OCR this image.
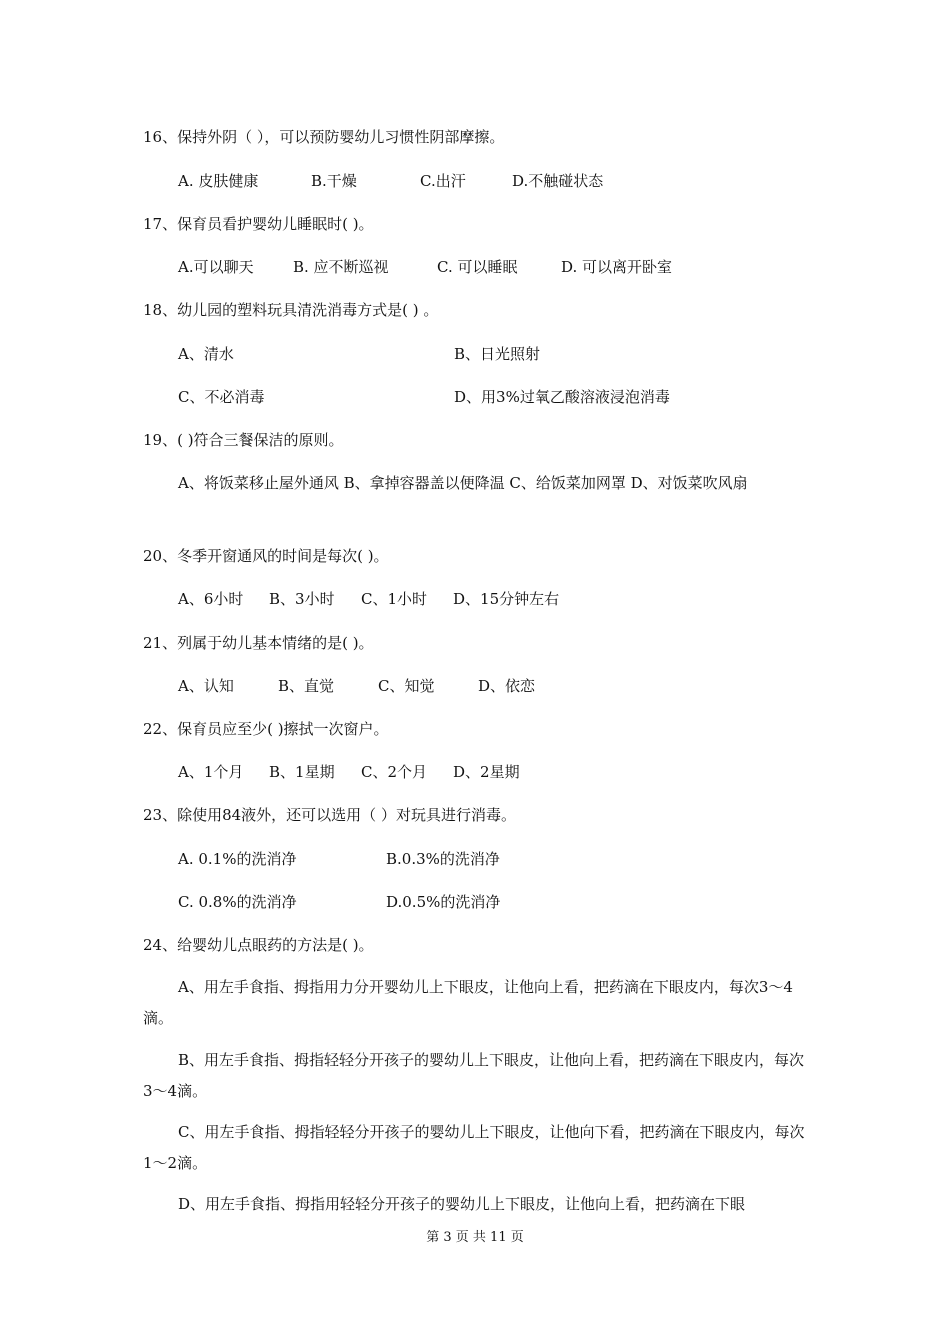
16、保持外阴（ ），可以预防婴幼儿习惯性阴部摩擦。
A. 皮肤健康	B.干燥	C.出汗	D.不触碰状态
17、保育员看护婴幼儿睡眠时( )。
A.可以聊天	B. 应不断巡视	C. 可以睡眠	D. 可以离开卧室
18、幼儿园的塑料玩具清洗消毒方式是( ) 。
A、清水	B、日光照射
C、不必消毒	D、用3%过氧乙酸溶液浸泡消毒
19、( )符合三餐保洁的原则。
A、将饭菜移止屋外通风 B、拿掉容器盖以便降温 C、给饭菜加网罩 D、对饭菜吹风扇
20、冬季开窗通风的时间是每次( )。
A、6小时 B、3小时 C、1小时 D、15分钟左右
21、列属于幼儿基本情绪的是( )。
A、认知	B、直觉	C、知觉	D、依恋
22、保育员应至少( )擦拭一次窗户。
A、1个月 B、1星期 C、2个月 D、2星期
23、除使用84液外，还可以选用（ ）对玩具进行消毒。
A. 0.1%的洗消净	B.0.3%的洗消净
C. 0.8%的洗消净	D.0.5%的洗消净
24、给婴幼儿点眼药的方法是( )。
A、用左手食指、拇指用力分开婴幼儿上下眼皮，让他向上看，把药滴在下眼皮内，每次3～4滴。
B、用左手食指、拇指轻轻分开孩子的婴幼儿上下眼皮，让他向上看，把药滴在下眼皮内，每次3～4滴。
C、用左手食指、拇指轻轻分开孩子的婴幼儿上下眼皮，让他向下看，把药滴在下眼皮内，每次1～2滴。
D、用左手食指、拇指用轻轻分开孩子的婴幼儿上下眼皮，让他向上看，把药滴在下眼
第 3 页 共 11 页
